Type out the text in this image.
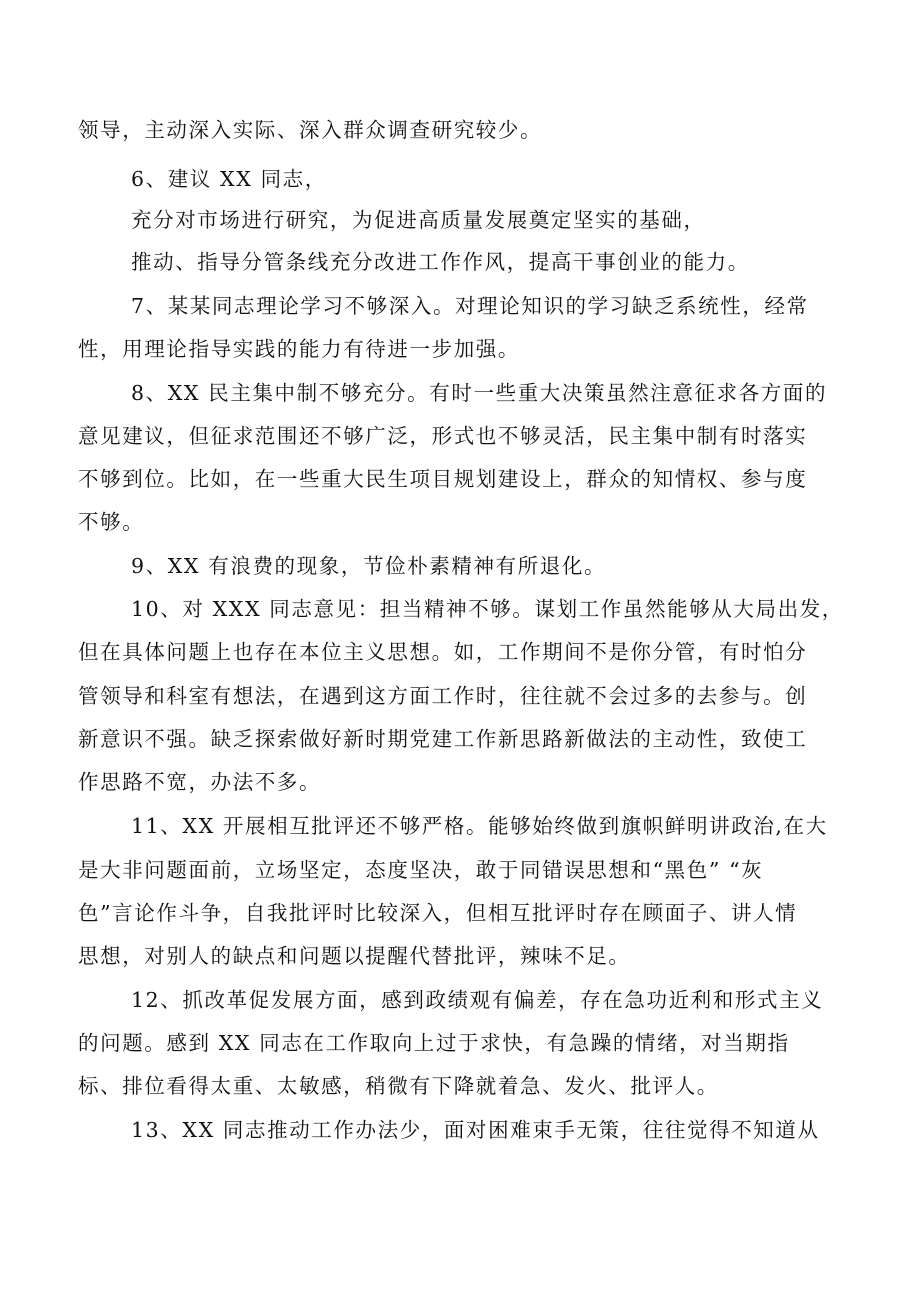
领导，主动深入实际、深入群众调查研究较少。
6、建议 XX 同志，
充分对市场进行研究，为促进高质量发展奠定坚实的基础，
推动、指导分管条线充分改进工作作风，提高干事创业的能力。
7、某某同志理论学习不够深入。对理论知识的学习缺乏系统性，经常
性，用理论指导实践的能力有待进一步加强。
8、XX 民主集中制不够充分。有时一些重大决策虽然注意征求各方面的
意见建议，但征求范围还不够广泛，形式也不够灵活，民主集中制有时落实
不够到位。比如，在一些重大民生项目规划建设上，群众的知情权、参与度
不够。
9、XX 有浪费的现象，节俭朴素精神有所退化。
10、对 XXX 同志意见：担当精神不够。谋划工作虽然能够从大局出发，
但在具体问题上也存在本位主义思想。如，工作期间不是你分管，有时怕分
管领导和科室有想法，在遇到这方面工作时，往往就不会过多的去参与。创
新意识不强。缺乏探索做好新时期党建工作新思路新做法的主动性，致使工
作思路不宽，办法不多。
11、XX 开展相互批评还不够严格。能够始终做到旗帜鲜明讲政治,在大
是大非问题面前，立场坚定，态度坚决，敢于同错误思想和“黑色” “灰
色”言论作斗争，自我批评时比较深入，但相互批评时存在顾面子、讲人情
思想，对别人的缺点和问题以提醒代替批评，辣味不足。
12、抓改革促发展方面，感到政绩观有偏差，存在急功近利和形式主义
的问题。感到 XX 同志在工作取向上过于求快，有急躁的情绪，对当期指
标、排位看得太重、太敏感，稍微有下降就着急、发火、批评人。
13、XX 同志推动工作办法少，面对困难束手无策，往往觉得不知道从
